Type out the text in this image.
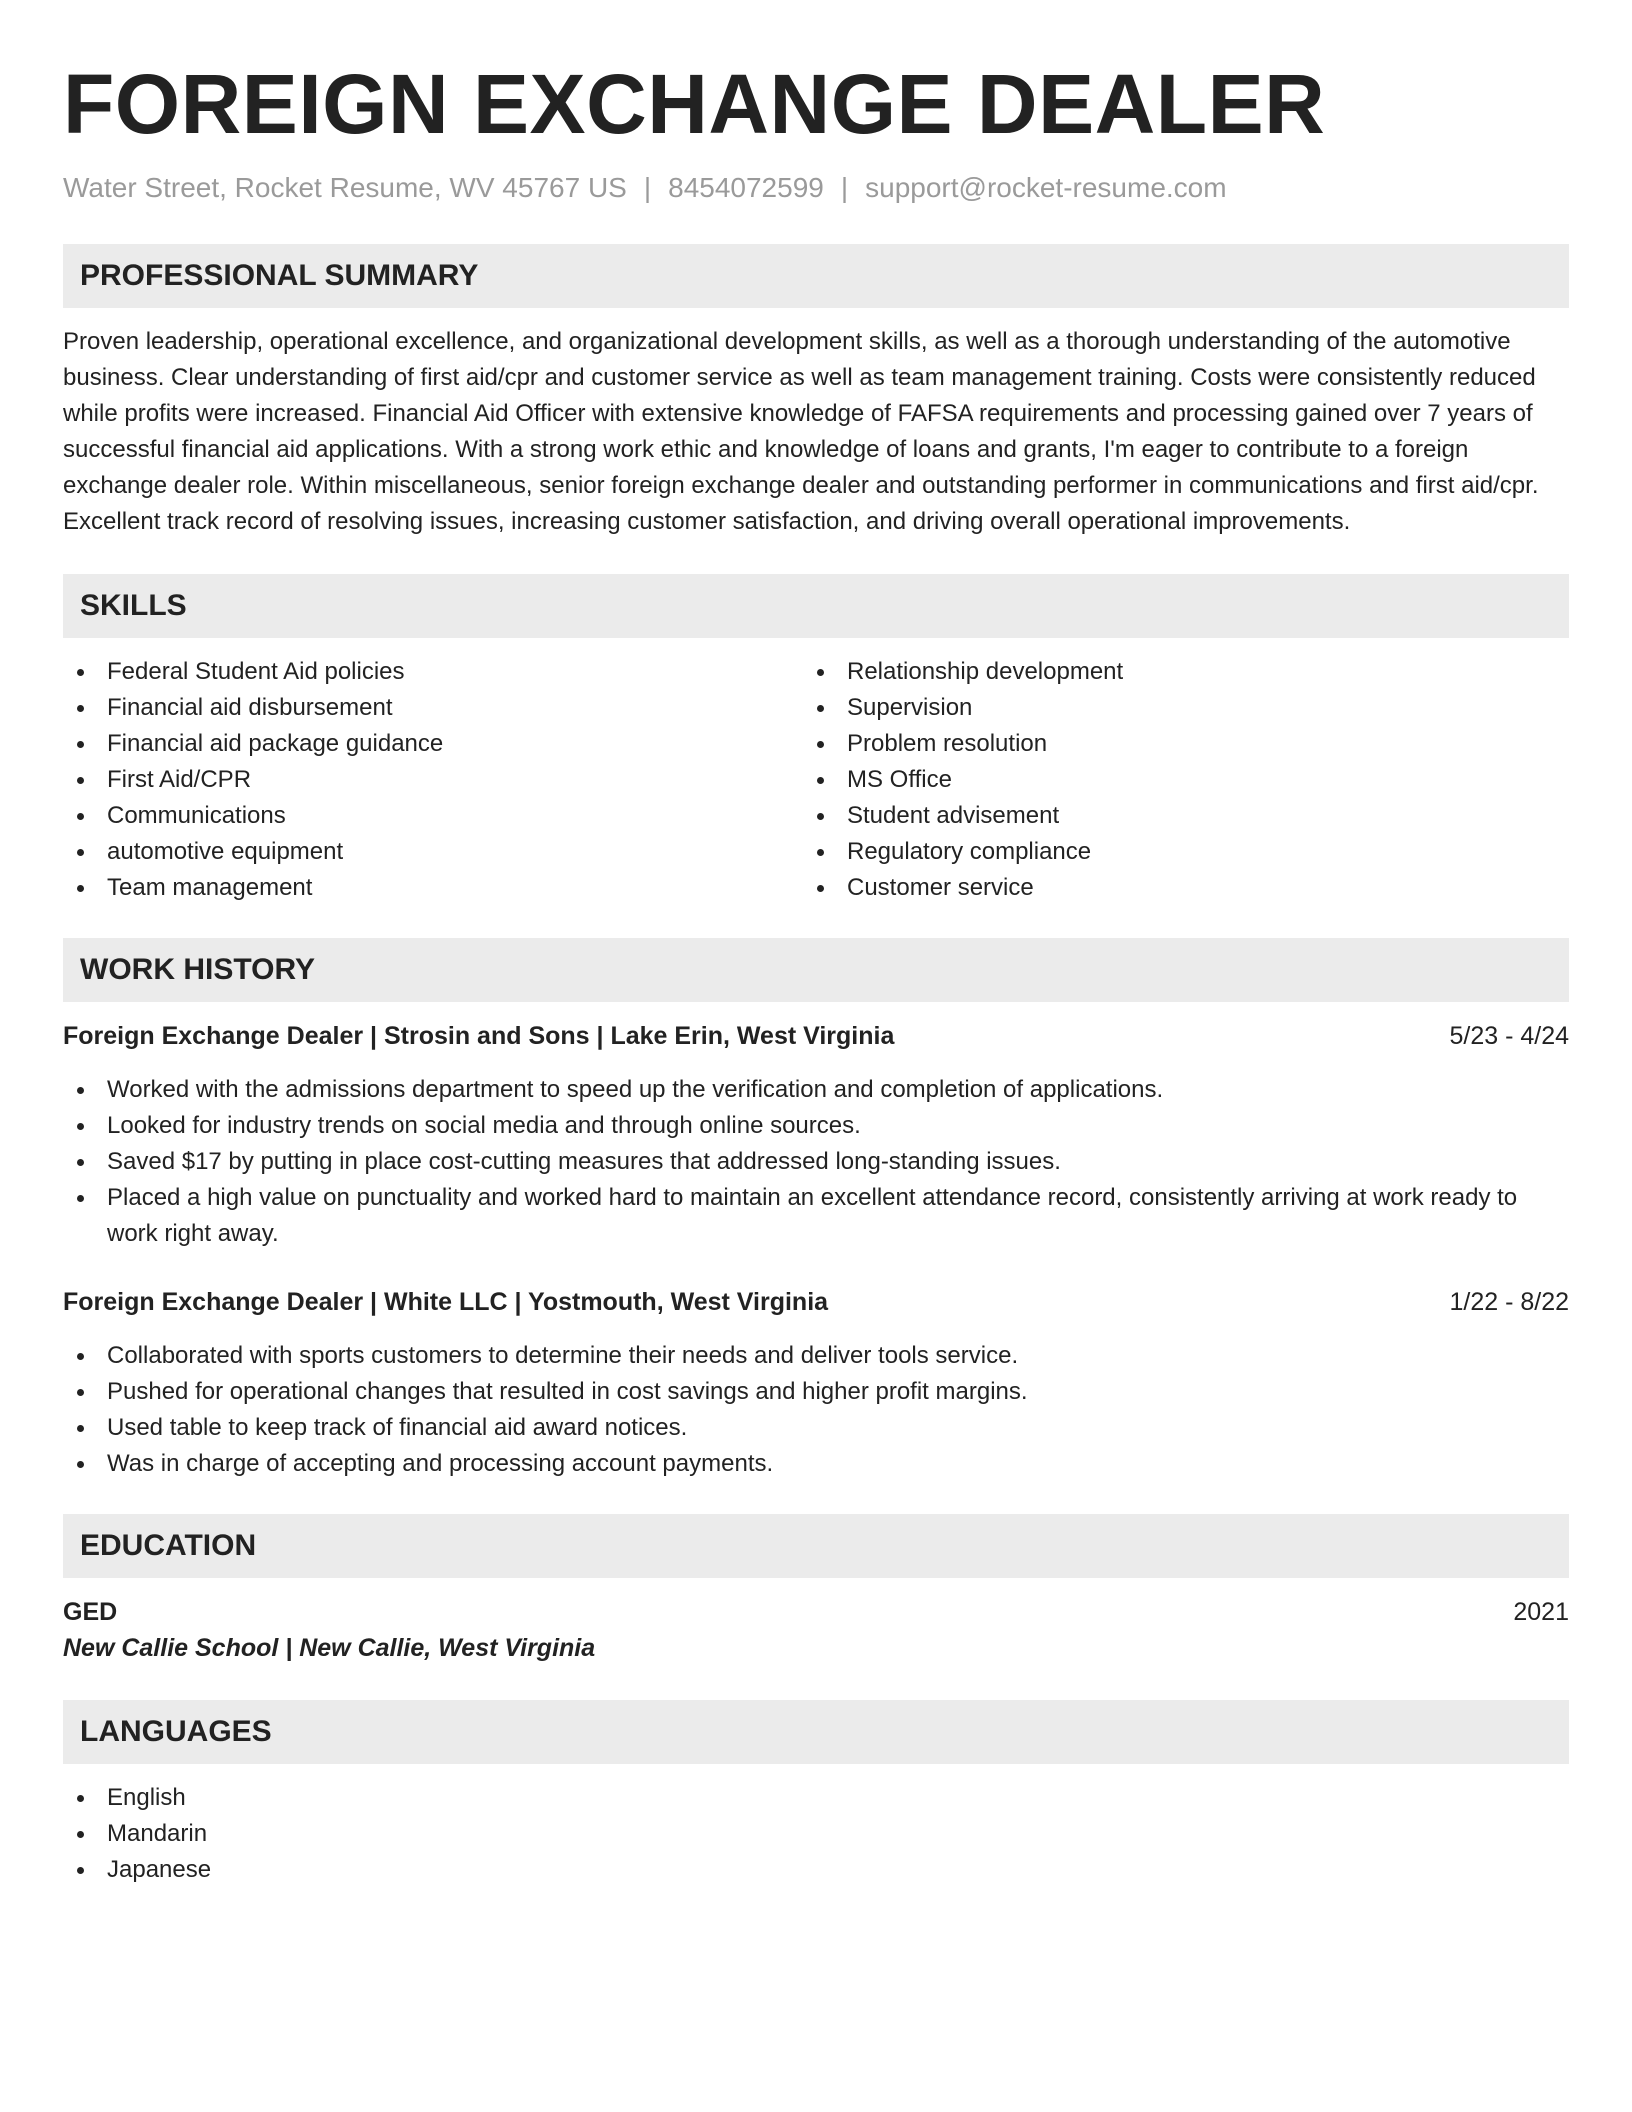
FOREIGN EXCHANGE DEALER
Water Street, Rocket Resume, WV 45767 US | 8454072599 | support@rocket-resume.com
PROFESSIONAL SUMMARY

Proven leadership, operational excellence, and organizational development skills, as well as a thorough understanding of the automotive business. Clear understanding of first aid/cpr and customer service as well as team management training. Costs were consistently reduced while profits were increased. Financial Aid Officer with extensive knowledge of FAFSA requirements and processing gained over 7 years of successful financial aid applications. With a strong work ethic and knowledge of loans and grants, I'm eager to contribute to a foreign exchange dealer role. Within miscellaneous, senior foreign exchange dealer and outstanding performer in communications and first aid/cpr. Excellent track record of resolving issues, increasing customer satisfaction, and driving overall operational improvements.

SKILLS
Federal Student Aid policies
Financial aid disbursement
Financial aid package guidance
First Aid/CPR
Communications
automotive equipment
Team management
Relationship development
Supervision
Problem resolution
MS Office
Student advisement
Regulatory compliance
Customer service
WORK HISTORY
Foreign Exchange Dealer | Strosin and Sons | Lake Erin, West Virginia	5/23 - 4/24
Worked with the admissions department to speed up the verification and completion of applications.
Looked for industry trends on social media and through online sources.
Saved $17 by putting in place cost-cutting measures that addressed long-standing issues.
Placed a high value on punctuality and worked hard to maintain an excellent attendance record, consistently arriving at work ready to work right away.
Foreign Exchange Dealer | White LLC | Yostmouth, West Virginia	1/22 - 8/22
Collaborated with sports customers to determine their needs and deliver tools service.
Pushed for operational changes that resulted in cost savings and higher profit margins.
Used table to keep track of financial aid award notices.
Was in charge of accepting and processing account payments.
EDUCATION
GED	2021
New Callie School | New Callie, West Virginia
LANGUAGES
English
Mandarin
Japanese
